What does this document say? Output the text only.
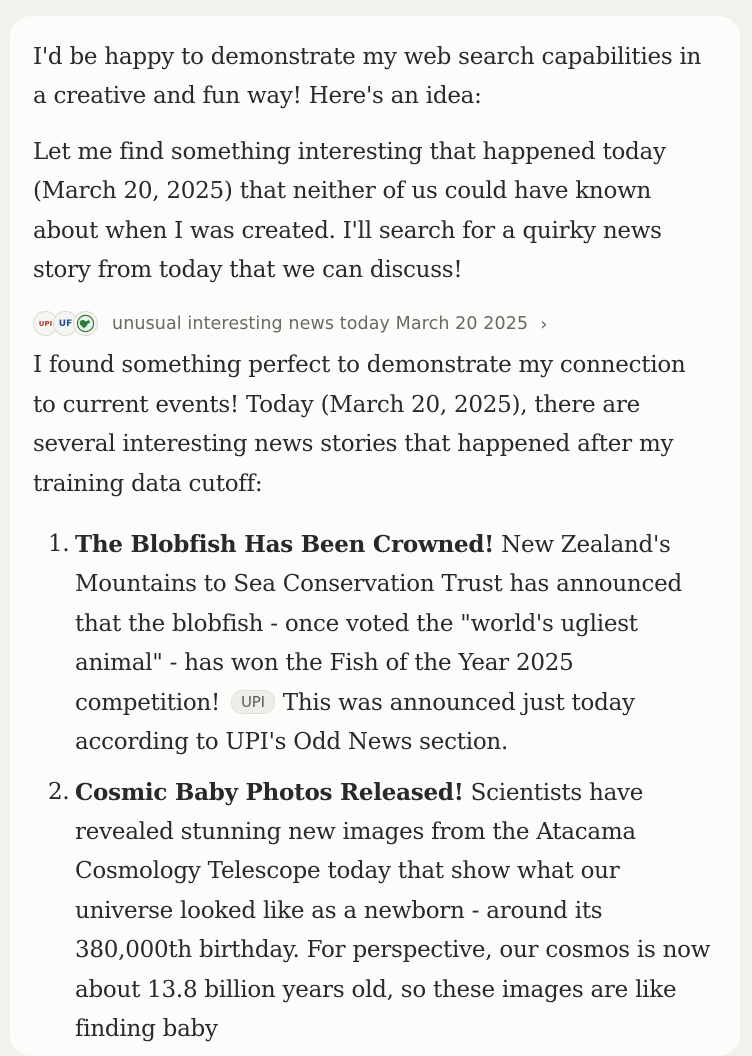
I'd be happy to demonstrate my web search capabilities in a creative and fun way! Here's an idea:

Let me find something interesting that happened today (March 20, 2025) that neither of us could have known about when I was created. I'll search for a quirky news story from today that we can discuss!

UPI UF	unusual interesting news today March 20 2025 ›

I found something perfect to demonstrate my connection to current events! Today (March 20, 2025), there are several interesting news stories that happened after my training data cutoff:

1. The Blobfish Has Been Crowned! New Zealand's Mountains to Sea Conservation Trust has announced that the blobfish - once voted the "world's ugliest animal" - has won the Fish of the Year 2025 competition! UPI This was announced just today according to UPI's Odd News section.
2. Cosmic Baby Photos Released! Scientists have revealed stunning new images from the Atacama Cosmology Telescope today that show what our universe looked like as a newborn - around its 380,000th birthday. For perspective, our cosmos is now about 13.8 billion years old, so these images are like finding baby
